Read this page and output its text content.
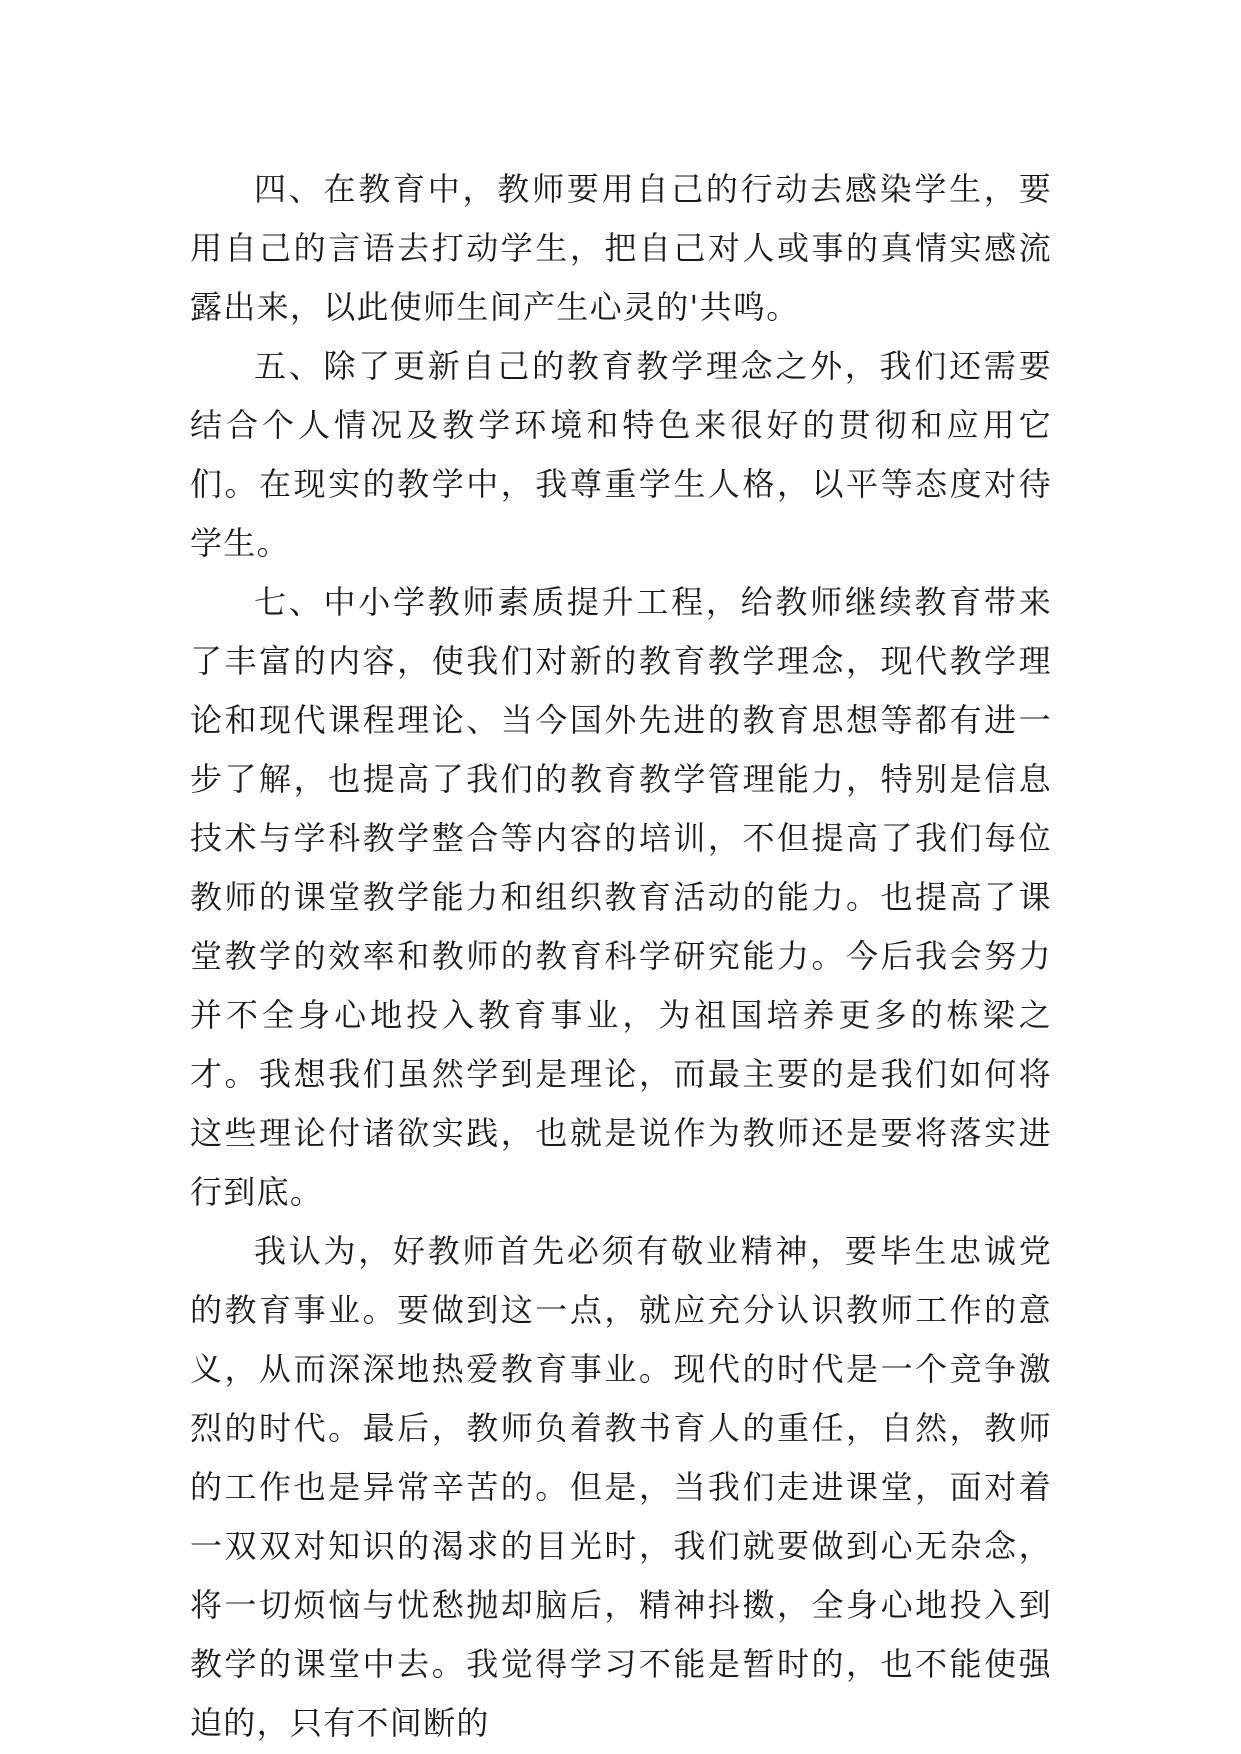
四、在教育中，教师要用自己的行动去感染学生，要用自己的言语去打动学生，把自己对人或事的真情实感流露出来，以此使师生间产生心灵的'共鸣。

五、除了更新自己的教育教学理念之外，我们还需要结合个人情况及教学环境和特色来很好的贯彻和应用它们。在现实的教学中，我尊重学生人格，以平等态度对待学生。

七、中小学教师素质提升工程，给教师继续教育带来了丰富的内容，使我们对新的教育教学理念，现代教学理论和现代课程理论、当今国外先进的教育思想等都有进一步了解，也提高了我们的教育教学管理能力，特别是信息技术与学科教学整合等内容的培训，不但提高了我们每位教师的课堂教学能力和组织教育活动的能力。也提高了课堂教学的效率和教师的教育科学研究能力。今后我会努力并不全身心地投入教育事业，为祖国培养更多的栋梁之才。我想我们虽然学到是理论，而最主要的是我们如何将这些理论付诸欲实践，也就是说作为教师还是要将落实进行到底。

我认为，好教师首先必须有敬业精神，要毕生忠诚党的教育事业。要做到这一点，就应充分认识教师工作的意义，从而深深地热爱教育事业。现代的时代是一个竞争激烈的时代。最后，教师负着教书育人的重任，自然，教师的工作也是异常辛苦的。但是，当我们走进课堂，面对着一双双对知识的渴求的目光时，我们就要做到心无杂念，将一切烦恼与忧愁抛却脑后，精神抖擞，全身心地投入到教学的课堂中去。我觉得学习不能是暂时的，也不能使强迫的，只有不间断的
